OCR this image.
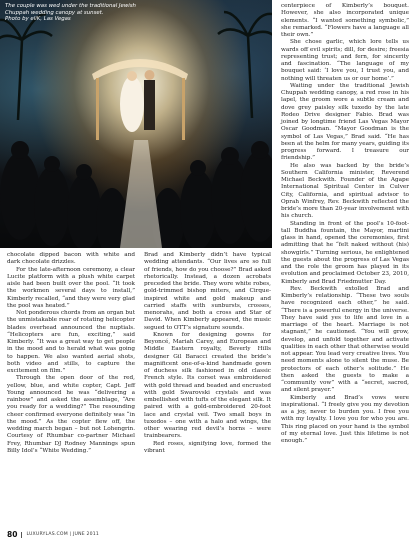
The couple was wed under the traditional Jewish Chuppah wedding canopy at sunset.
Photo by eliK, Las Vegas

chocolate dipped bacon with white and dark chocolate drizzles.

For the late-afternoon ceremony, a clear Lucite platform with a plush white carpet aisle had been built over the pool. “It took the workmen several days to install,” Kimberly recalled, “and they were very glad the pool was heated.”

Not ponderous chords from an organ but the unmistakable roar of rotating helicopter blades overhead announced the nuptials. “Helicopters are fun, exciting,” said Kimberly. “It was a great way to get people in the mood and to herald what was going to happen. We also wanted aerial shots, both video and stills, to capture the excitement on film.”

Through the open door of the red, yellow, blue, and white copter, Capt. Jeff Young announced he was “delivering a rainbow” and asked the assemblage, “Are you ready for a wedding?” The resounding cheer confirmed everyone definitely was “in the mood.” As the copter flew off, the wedding march began – but not Lohengrin. Courtesy of Rhumbar co-partner Michael Frey, Rhumbar DJ Rodney Mannings spun Billy Idol’s “White Wedding.”

Brad and Kimberly didn’t have typical wedding attendants. “Our lives are so full of friends, how do you choose?” Brad asked rhetorically. Instead, a dozen acrobats preceded the bride. They wore white robes, gold-trimmed bishop miters, and Cirque-inspired white and gold makeup and carried staffs with sunbursts, crosses, menorahs, and both a cross and Star of David. When Kimberly appeared, the music segued to OTT’s signature sounds.

Known for designing gowns for Beyoncé, Mariah Carey, and European and Middle Eastern royalty, Beverly Hills designer Gil Baracci created the bride’s magnificent one-of-a-kind handmade gown of duchess silk fashioned in old classic French style. Its corset was embroidered with gold thread and beaded and encrusted with gold Swarovski crystals and was embellished with tufts of the elegant silk. It paired with a gold-embroidered 20-foot lace and crystal veil. Two small boys in tuxedos – one with a halo and wings, the other wearing red devil’s horns – were trainbearers.

Red roses, signifying love, formed the vibrant

centerpiece of Kimberly’s bouquet. However, she also incorporated unique elements. “I wanted something symbolic,” she remarked. “Flowers have a language all their own.”

She chose garlic, which lore tells us wards off evil spirits; dill, for desire; freesia representing trust; and fern, for sincerity and fascination. “The language of my bouquet said: ‘I love you, I trust you, and nothing will threaten us or our home’.”

Waiting under the traditional Jewish Chuppah wedding canopy, a red rose in his lapel, the groom wore a subtle cream and dove grey paisley silk tuxedo by the late Rodeo Drive designer Fabio. Brad was joined by longtime friend Las Vegas Mayor Oscar Goodman. “Mayor Goodman is the symbol of Las Vegas,” Brad said. “He has been at the helm for many years, guiding its progress forward. I treasure our friendship.”

He also was backed by the bride’s Southern California minister, Reverend Michael Beckwith. Founder of the Agape International Spiritual Center in Culver City, California, and spiritual advisor to Oprah Winfrey, Rev. Beckwith reflected the bride’s more than 20-year involvement with his church.

Standing in front of the pool’s 10-foot-tall Buddha fountain, the Mayor, martini glass in hand, opened the ceremonies, first admitting that he “felt naked without (his) showgirls.” Turning serious, he enlightened the guests about the progress of Las Vegas and the role the groom has played in its evolution and proclaimed October 23, 2010, Kimberly and Brad Friedmutter Day.

Rev. Beckwith extolled Brad and Kimberly’s relationship. “These two souls have recognized each other,” he said. “There is a powerful energy in the universe. They have said yes to life and love in a marriage of the heart. Marriage is not stagnant,” he cautioned. “You will grow, develop, and unfold together and activate qualities in each other that otherwise would not appear. You lead very creative lives. You need moments alone to silent the muse. Be protectors of each other’s solitude.” He then asked the guests to make a “community vow” with a “secret, sacred, and silent prayer.”

Kimberly and Brad’s vows were inspirational. “I freely give you my devotion as a joy, never to burden you. I free you with my loyalty. I love you for who you are. This ring placed on your hand is the symbol of my eternal love. Just this lifetime is not enough.”

80 LUXURYLAS.COM | JUNE 2011
